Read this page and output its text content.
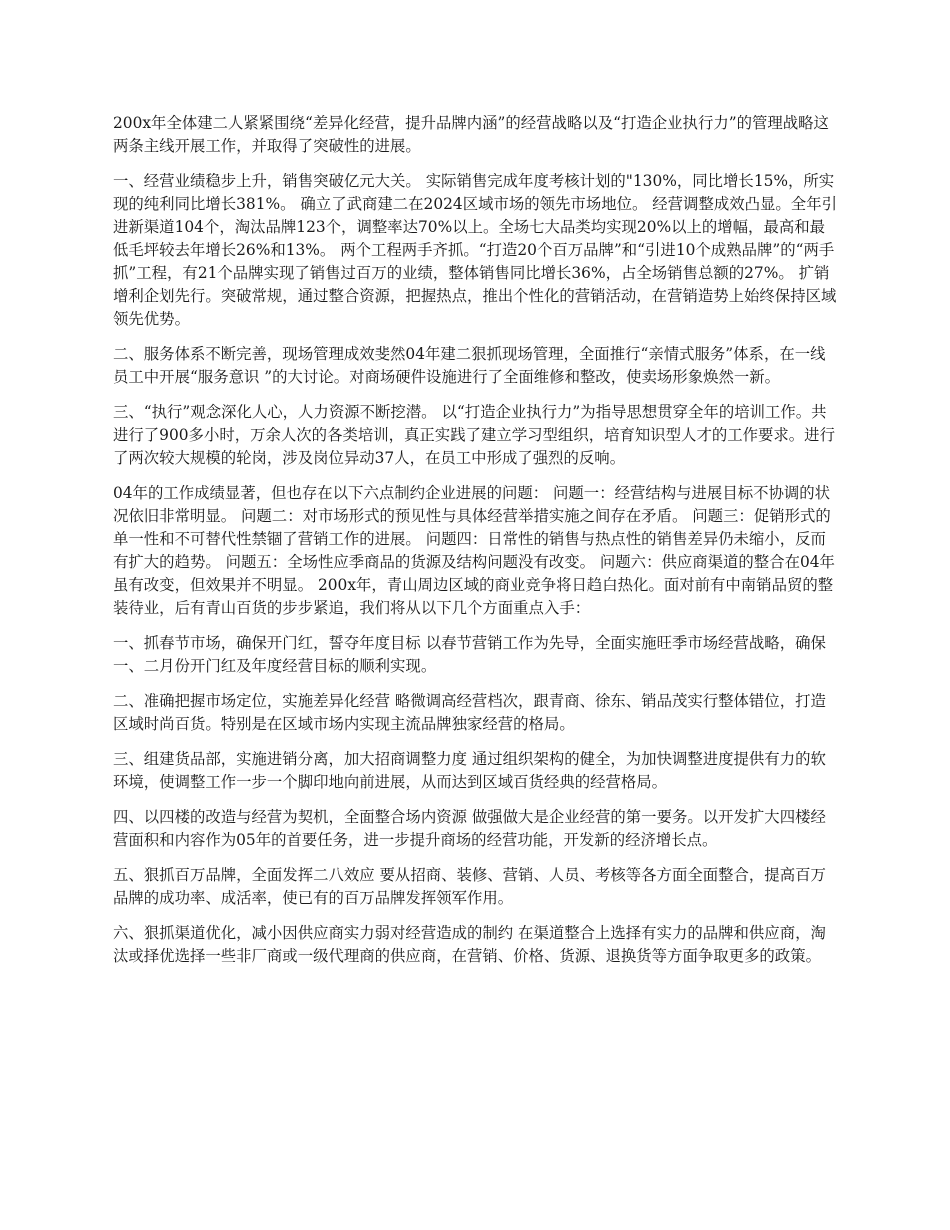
200x年全体建二人紧紧围绕“差异化经营，提升品牌内涵”的经营战略以及“打造企业执行力”的管理战略这两条主线开展工作，并取得了突破性的进展。

一、经营业绩稳步上升，销售突破亿元大关。 实际销售完成年度考核计划的"130%，同比增长15%，所实现的纯利同比增长381%。 确立了武商建二在2024区域市场的领先市场地位。 经营调整成效凸显。全年引进新渠道104个，淘汰品牌123个，调整率达70%以上。全场七大品类均实现20%以上的增幅，最高和最低毛坪较去年增长26%和13%。 两个工程两手齐抓。“打造20个百万品牌”和“引进10个成熟品牌”的“两手抓”工程，有21个品牌实现了销售过百万的业绩，整体销售同比增长36%，占全场销售总额的27%。 扩销增利企划先行。突破常规，通过整合资源，把握热点，推出个性化的营销活动，在营销造势上始终保持区域领先优势。

二、服务体系不断完善，现场管理成效斐然04年建二狠抓现场管理，全面推行“亲情式服务”体系，在一线员工中开展“服务意识 ”的大讨论。对商场硬件设施进行了全面维修和整改，使卖场形象焕然一新。

三、“执行”观念深化人心，人力资源不断挖潜。 以“打造企业执行力”为指导思想贯穿全年的培训工作。共进行了900多小时，万余人次的各类培训，真正实践了建立学习型组织，培育知识型人才的工作要求。进行了两次较大规模的轮岗，涉及岗位异动37人，在员工中形成了强烈的反响。

04年的工作成绩显著，但也存在以下六点制约企业进展的问题： 问题一：经营结构与进展目标不协调的状况依旧非常明显。 问题二：对市场形式的预见性与具体经营举措实施之间存在矛盾。 问题三：促销形式的单一性和不可替代性禁锢了营销工作的进展。 问题四：日常性的销售与热点性的销售差异仍未缩小，反而有扩大的趋势。 问题五：全场性应季商品的货源及结构问题没有改变。 问题六：供应商渠道的整合在04年虽有改变，但效果并不明显。 200x年，青山周边区域的商业竞争将日趋白热化。面对前有中南销品贸的整装待业，后有青山百货的步步紧追，我们将从以下几个方面重点入手：

一、抓春节市场，确保开门红，誓夺年度目标 以春节营销工作为先导，全面实施旺季市场经营战略，确保一、二月份开门红及年度经营目标的顺利实现。

二、准确把握市场定位，实施差异化经营 略微调高经营档次，跟青商、徐东、销品茂实行整体错位，打造区域时尚百货。特别是在区域市场内实现主流品牌独家经营的格局。

三、组建货品部，实施进销分离，加大招商调整力度 通过组织架构的健全，为加快调整进度提供有力的软环境，使调整工作一步一个脚印地向前进展，从而达到区域百货经典的经营格局。

四、以四楼的改造与经营为契机，全面整合场内资源 做强做大是企业经营的第一要务。以开发扩大四楼经营面积和内容作为05年的首要任务，进一步提升商场的经营功能，开发新的经济增长点。

五、狠抓百万品牌，全面发挥二八效应 要从招商、装修、营销、人员、考核等各方面全面整合，提高百万品牌的成功率、成活率，使已有的百万品牌发挥领军作用。

六、狠抓渠道优化，减小因供应商实力弱对经营造成的制约 在渠道整合上选择有实力的品牌和供应商，淘汰或择优选择一些非厂商或一级代理商的供应商，在营销、价格、货源、退换货等方面争取更多的政策。
